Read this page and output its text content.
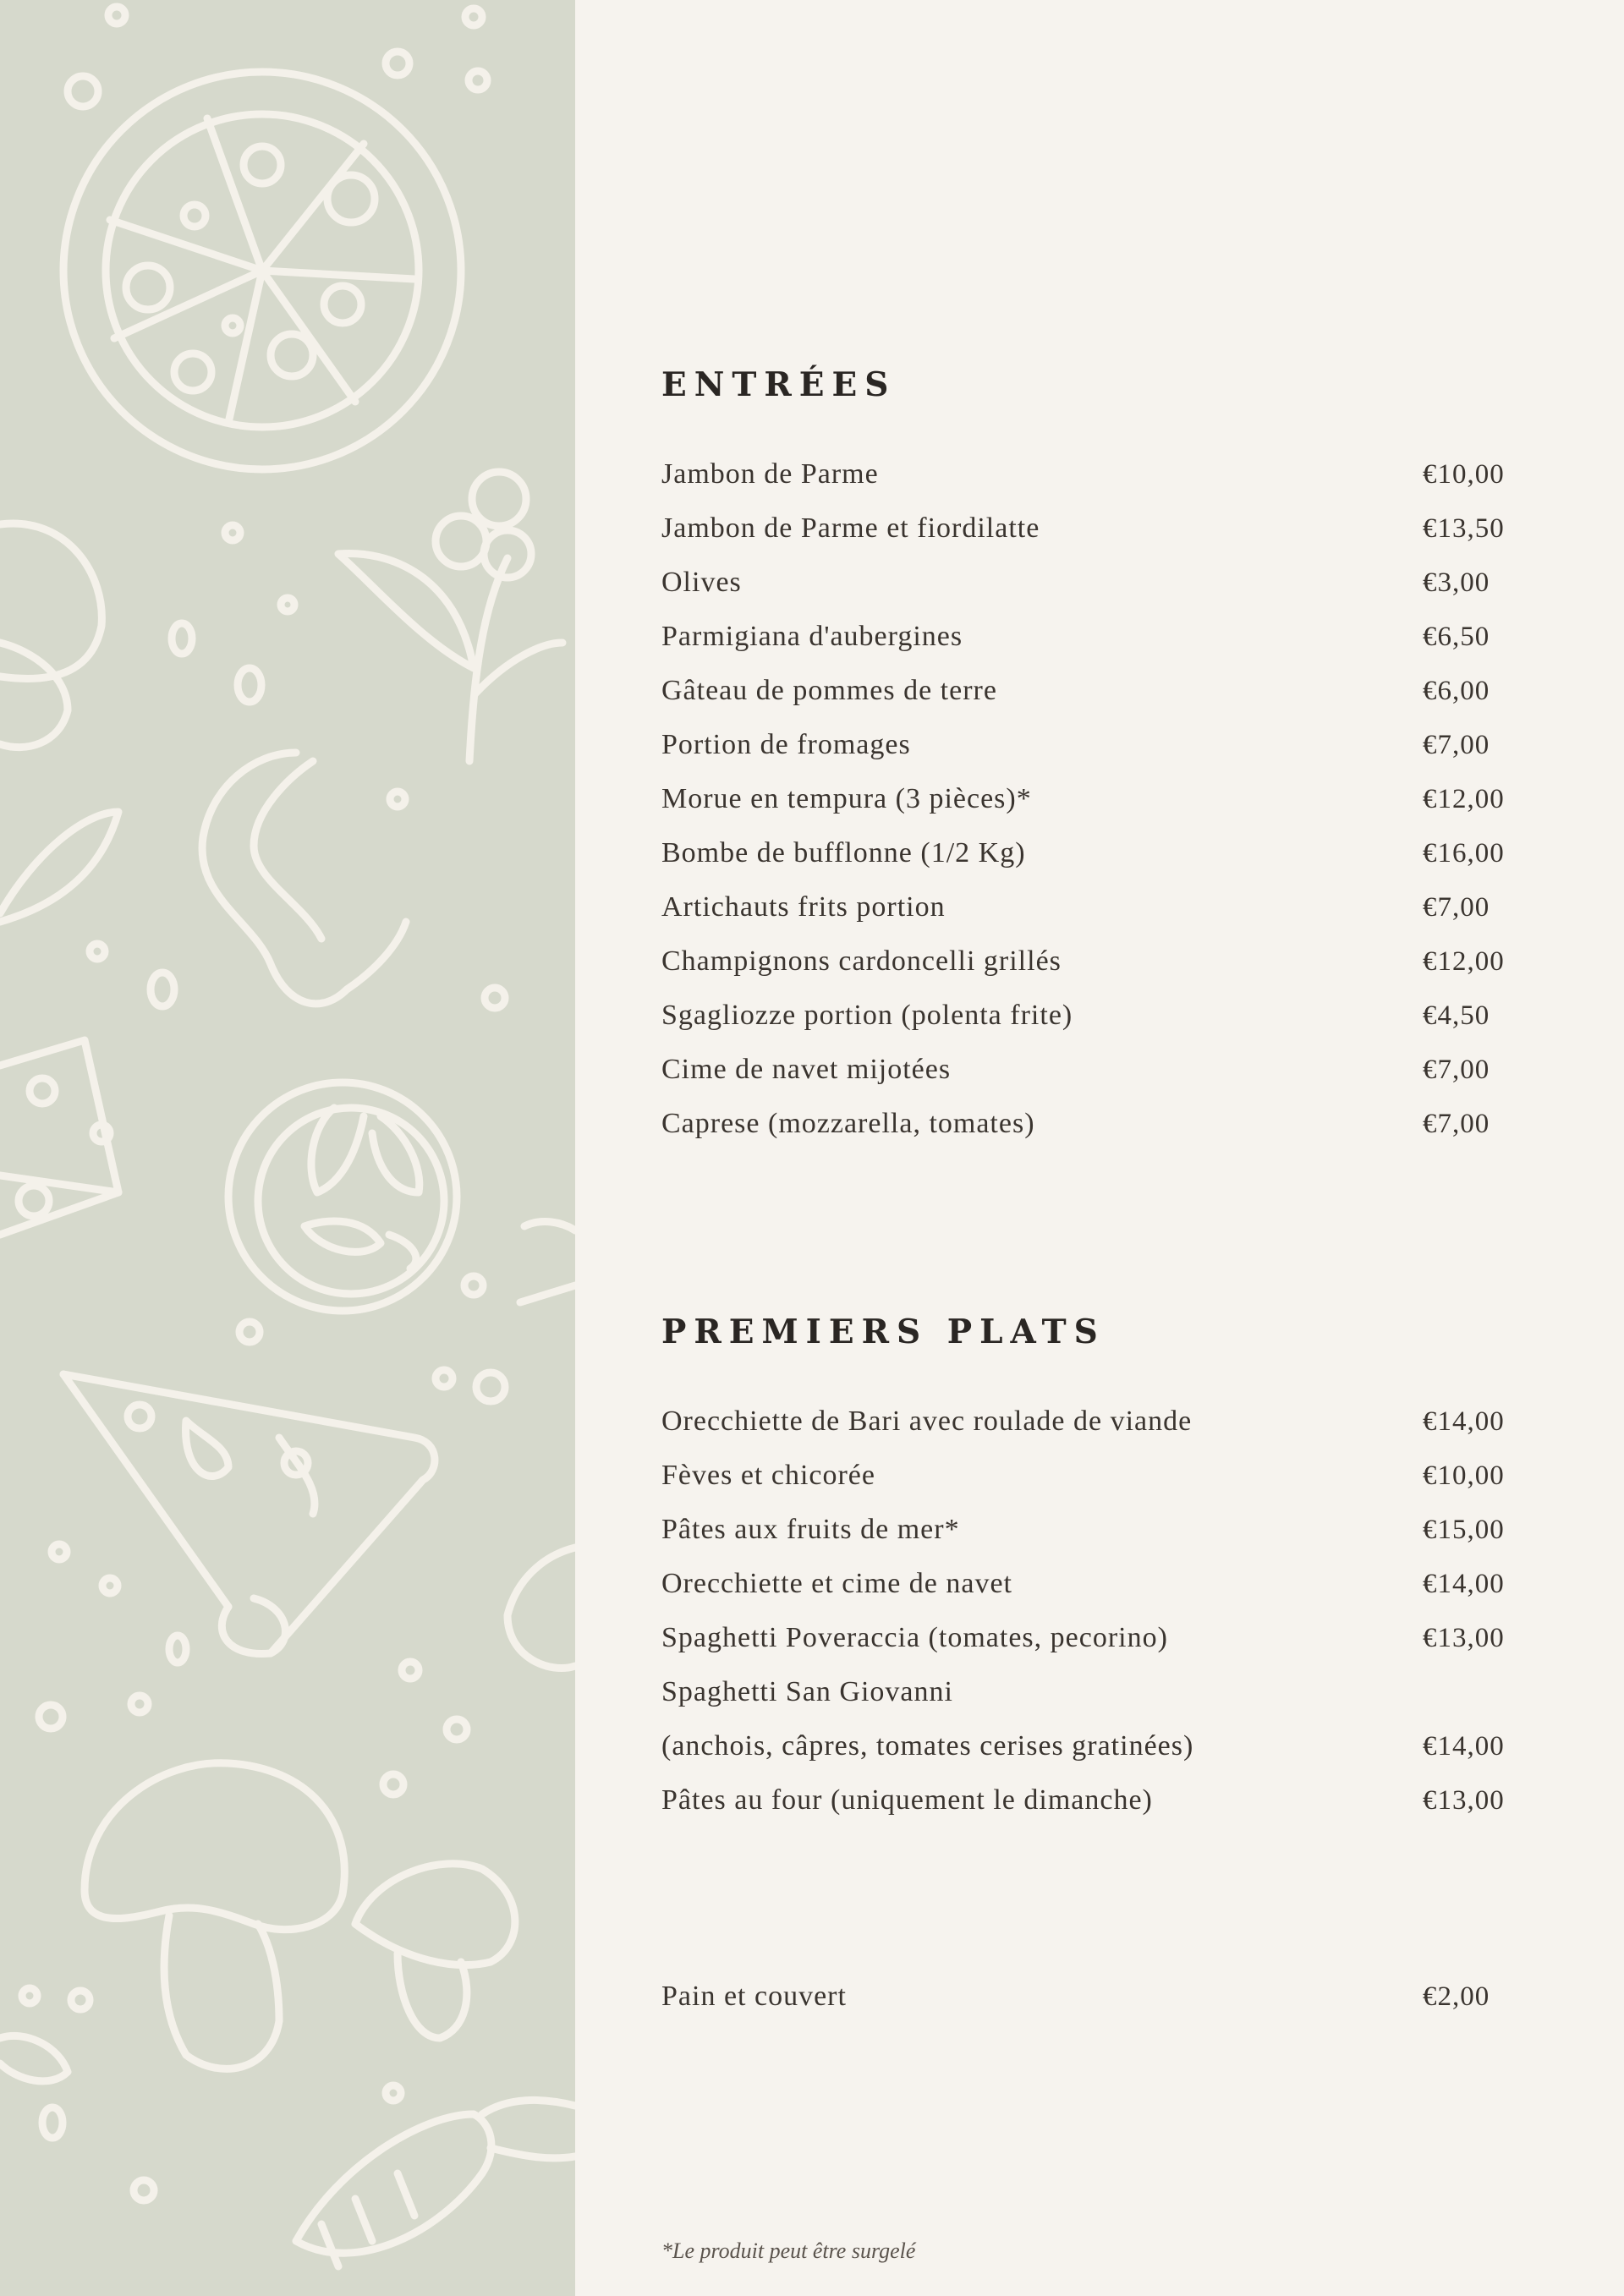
ENTRÉES
Jambon de Parme	€10,00
Jambon de Parme et fiordilatte	€13,50
Olives	€3,00
Parmigiana d'aubergines	€6,50
Gâteau de pommes de terre	€6,00
Portion de fromages	€7,00
Morue en tempura (3 pièces)*	€12,00
Bombe de bufflonne (1/2 Kg)	€16,00
Artichauts frits portion	€7,00
Champignons cardoncelli grillés	€12,00
Sgagliozze portion (polenta frite)	€4,50
Cime de navet mijotées	€7,00
Caprese (mozzarella, tomates)	€7,00
PREMIERS PLATS
Orecchiette de Bari avec roulade de viande	€14,00
Fèves et chicorée	€10,00
Pâtes aux fruits de mer*	€15,00
Orecchiette et cime de navet	€14,00
Spaghetti Poveraccia (tomates, pecorino)	€13,00
Spaghetti San Giovanni
(anchois, câpres, tomates cerises gratinées)	€14,00
Pâtes au four (uniquement le dimanche)	€13,00
Pain et couvert	€2,00
*Le produit peut être surgelé
